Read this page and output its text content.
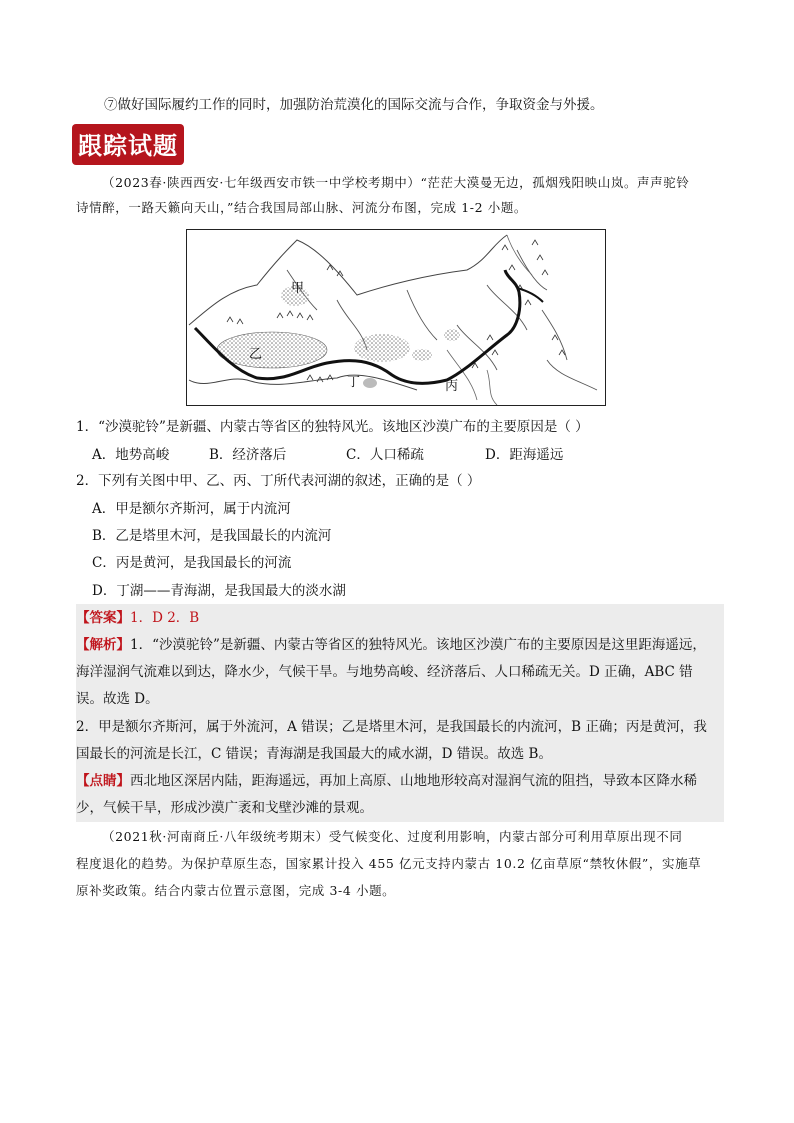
⑦做好国际履约工作的同时，加强防治荒漠化的国际交流与合作，争取资金与外援。
跟踪试题
（2023春·陕西西安·七年级西安市铁一中学校考期中）“茫茫大漠曼无边，孤烟残阳映山岚。声声驼铃
诗情醉，一路天籁向天山，”结合我国局部山脉、河流分布图，完成 1-2 小题。
甲
乙
丁	丙
1．“沙漠驼铃”是新疆、内蒙古等省区的独特风光。该地区沙漠广布的主要原因是（ ）
A．地势高峻	B．经济落后	C．人口稀疏	D．距海遥远
2．下列有关图中甲、乙、丙、丁所代表河湖的叙述，正确的是（ ）
A．甲是额尔齐斯河，属于内流河
B．乙是塔里木河，是我国最长的内流河
C．丙是黄河，是我国最长的河流
D．丁湖——青海湖，是我国最大的淡水湖
【答案】1．D 2．B
【解析】1．“沙漠驼铃”是新疆、内蒙古等省区的独特风光。该地区沙漠广布的主要原因是这里距海遥远，
海洋湿润气流难以到达，降水少，气候干旱。与地势高峻、经济落后、人口稀疏无关。D 正确，ABC 错
误。故选 D。
2．甲是额尔齐斯河，属于外流河，A 错误；乙是塔里木河，是我国最长的内流河，B 正确；丙是黄河，我
国最长的河流是长江，C 错误；青海湖是我国最大的咸水湖，D 错误。故选 B。
【点睛】西北地区深居内陆，距海遥远，再加上高原、山地地形较高对湿润气流的阻挡，导致本区降水稀
少，气候干旱，形成沙漠广袤和戈壁沙滩的景观。
（2021秋·河南商丘·八年级统考期末）受气候变化、过度利用影响，内蒙古部分可利用草原出现不同
程度退化的趋势。为保护草原生态，国家累计投入 455 亿元支持内蒙古 10.2 亿亩草原“禁牧休假”，实施草
原补奖政策。结合内蒙古位置示意图，完成 3-4 小题。
